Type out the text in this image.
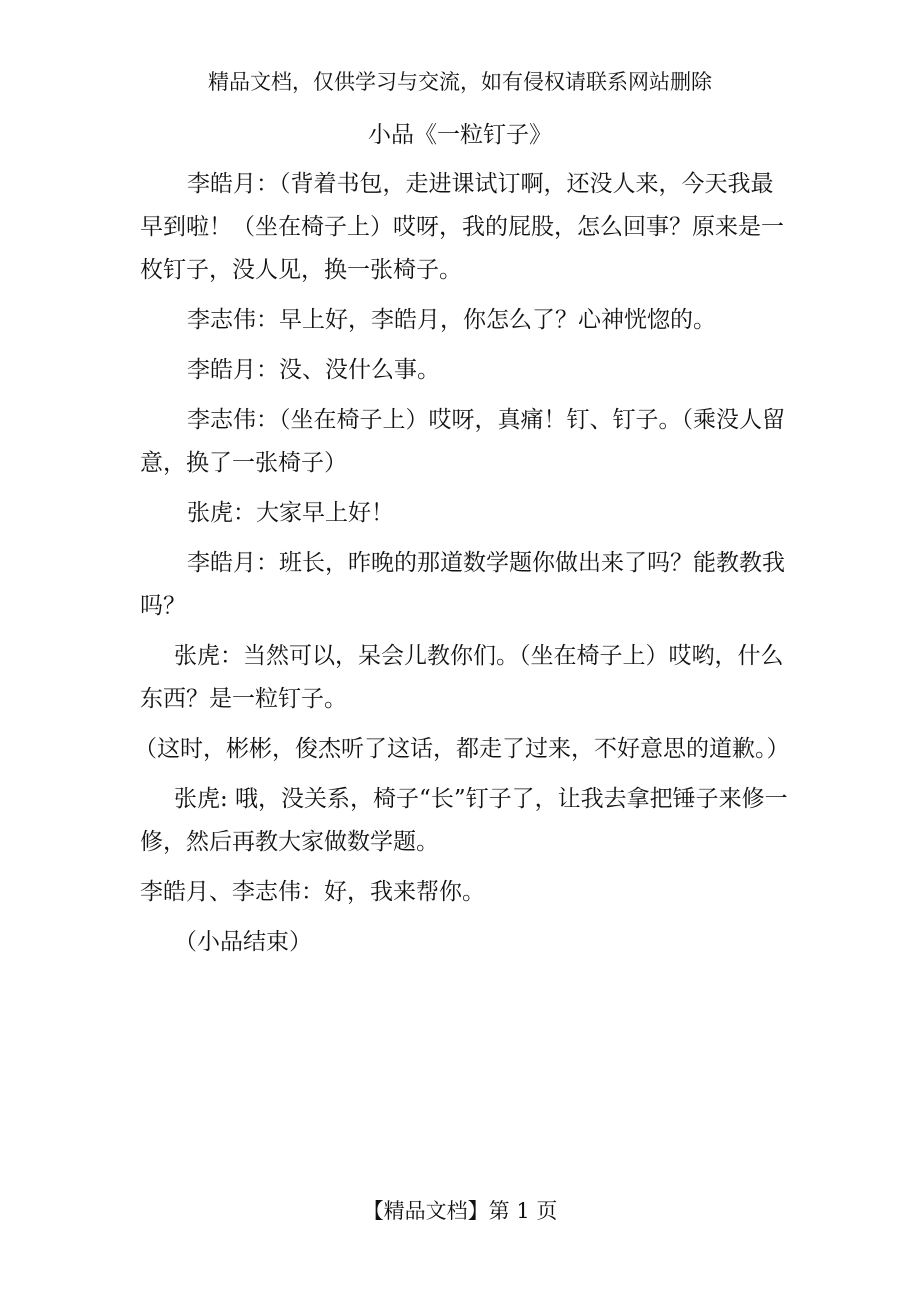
精品文档，仅供学习与交流，如有侵权请联系网站删除
小品《一粒钉子》

李皓月：（背着书包，走进课试订啊，还没人来，今天我最早到啦！（坐在椅子上）哎呀，我的屁股，怎么回事？原来是一枚钉子，没人见，换一张椅子。

李志伟：早上好，李皓月，你怎么了？心神恍惚的。

李皓月：没、没什么事。

李志伟：（坐在椅子上）哎呀，真痛！钉、钉子。（乘没人留意，换了一张椅子）

张虎：大家早上好！

李皓月：班长，昨晚的那道数学题你做出来了吗？能教教我吗？

张虎：当然可以，呆会儿教你们。（坐在椅子上）哎哟，什么东西？是一粒钉子。

（这时，彬彬，俊杰听了这话，都走了过来，不好意思的道歉。）

张虎: 哦，没关系，椅子“长”钉子了，让我去拿把锤子来修一修，然后再教大家做数学题。

李皓月、李志伟：好，我来帮你。

（小品结束）

【精品文档】第 1 页
